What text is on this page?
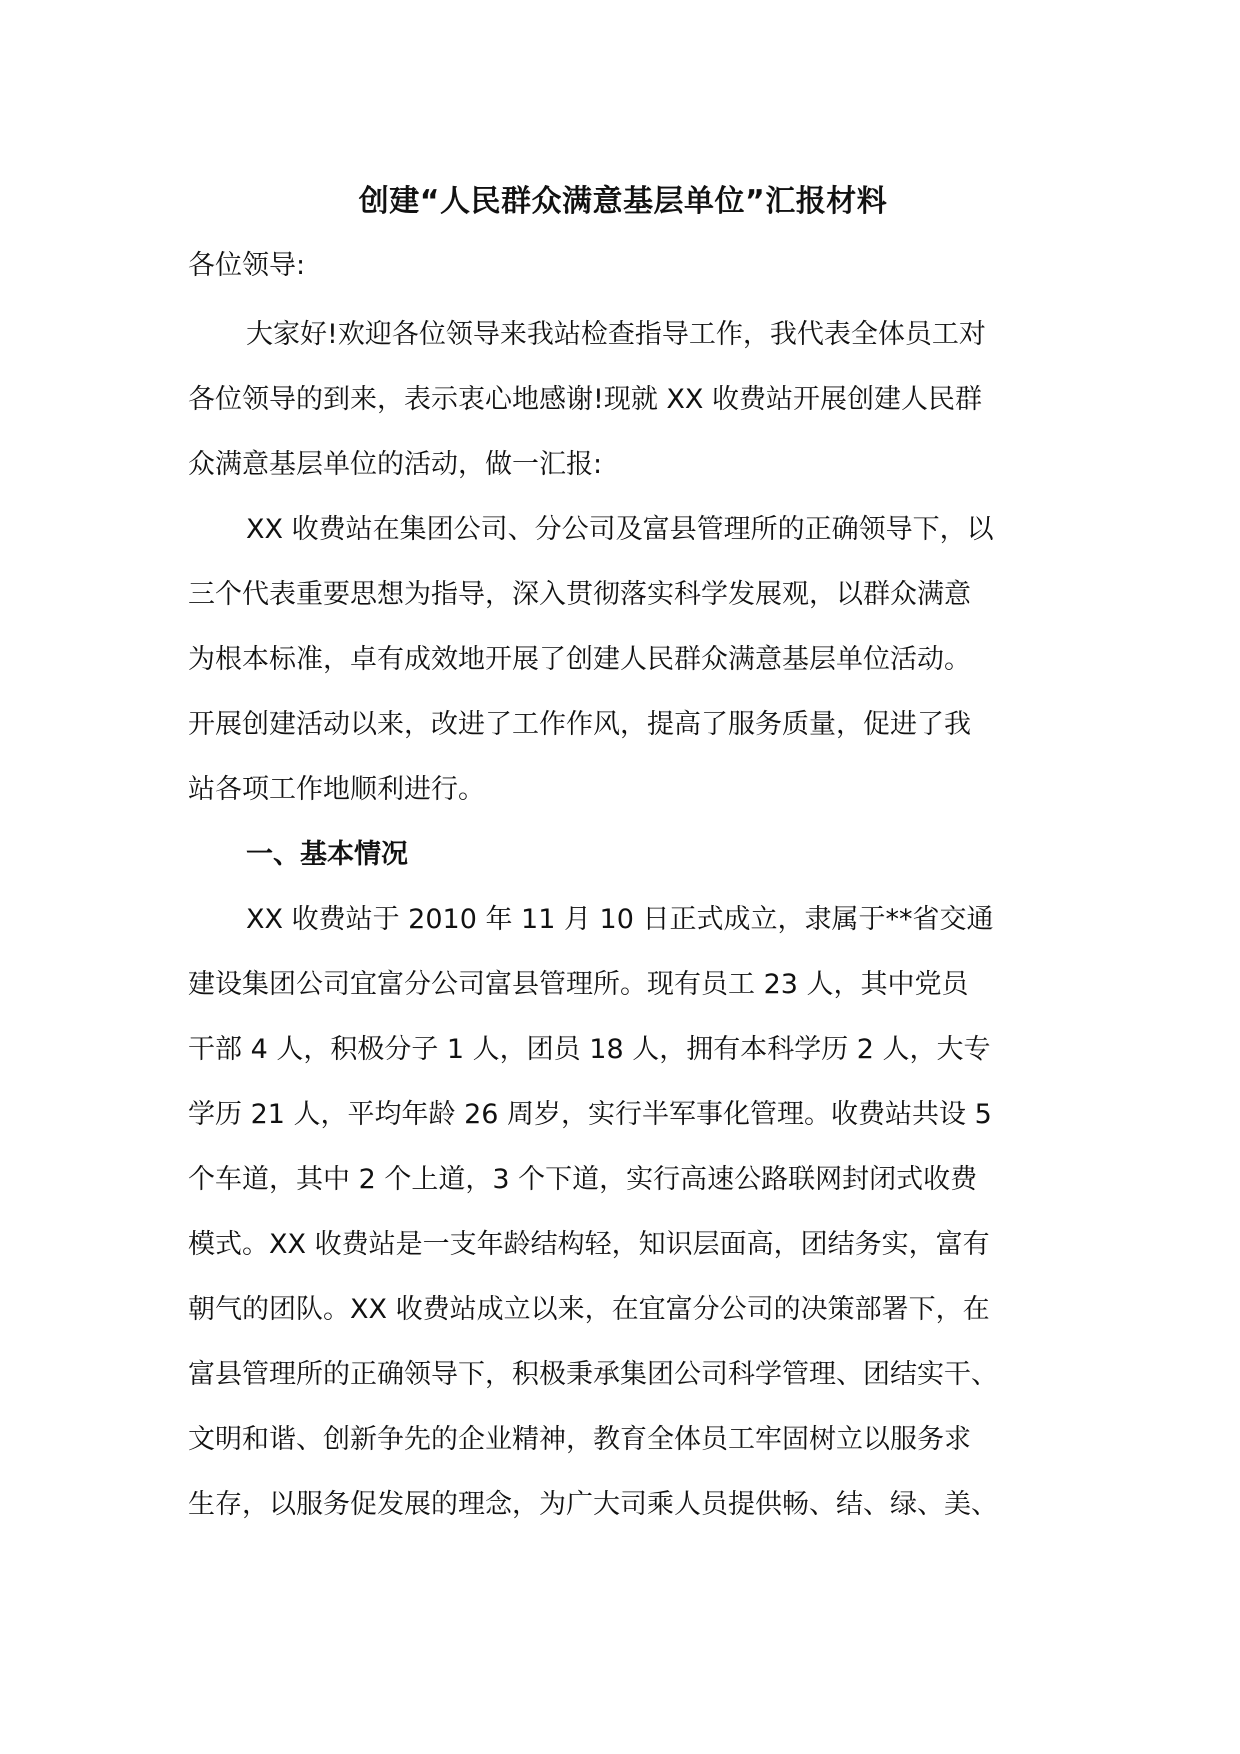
创建“人民群众满意基层单位”汇报材料

各位领导:

大家好!欢迎各位领导来我站检查指导工作，我代表全体员工对
各位领导的到来，表示衷心地感谢!现就 XX 收费站开展创建人民群
众满意基层单位的活动，做一汇报:

XX 收费站在集团公司、分公司及富县管理所的正确领导下，以
三个代表重要思想为指导，深入贯彻落实科学发展观，以群众满意
为根本标准，卓有成效地开展了创建人民群众满意基层单位活动。
开展创建活动以来，改进了工作作风，提高了服务质量，促进了我
站各项工作地顺利进行。

一、基本情况

XX 收费站于 2010 年 11 月 10 日正式成立，隶属于**省交通
建设集团公司宜富分公司富县管理所。现有员工 23 人，其中党员
干部 4 人，积极分子 1 人，团员 18 人，拥有本科学历 2 人，大专
学历 21 人，平均年龄 26 周岁，实行半军事化管理。收费站共设 5
个车道，其中 2 个上道，3 个下道，实行高速公路联网封闭式收费
模式。XX 收费站是一支年龄结构轻，知识层面高，团结务实，富有
朝气的团队。XX 收费站成立以来，在宜富分公司的决策部署下，在
富县管理所的正确领导下，积极秉承集团公司科学管理、团结实干、
文明和谐、创新争先的企业精神，教育全体员工牢固树立以服务求
生存，以服务促发展的理念，为广大司乘人员提供畅、结、绿、美、
